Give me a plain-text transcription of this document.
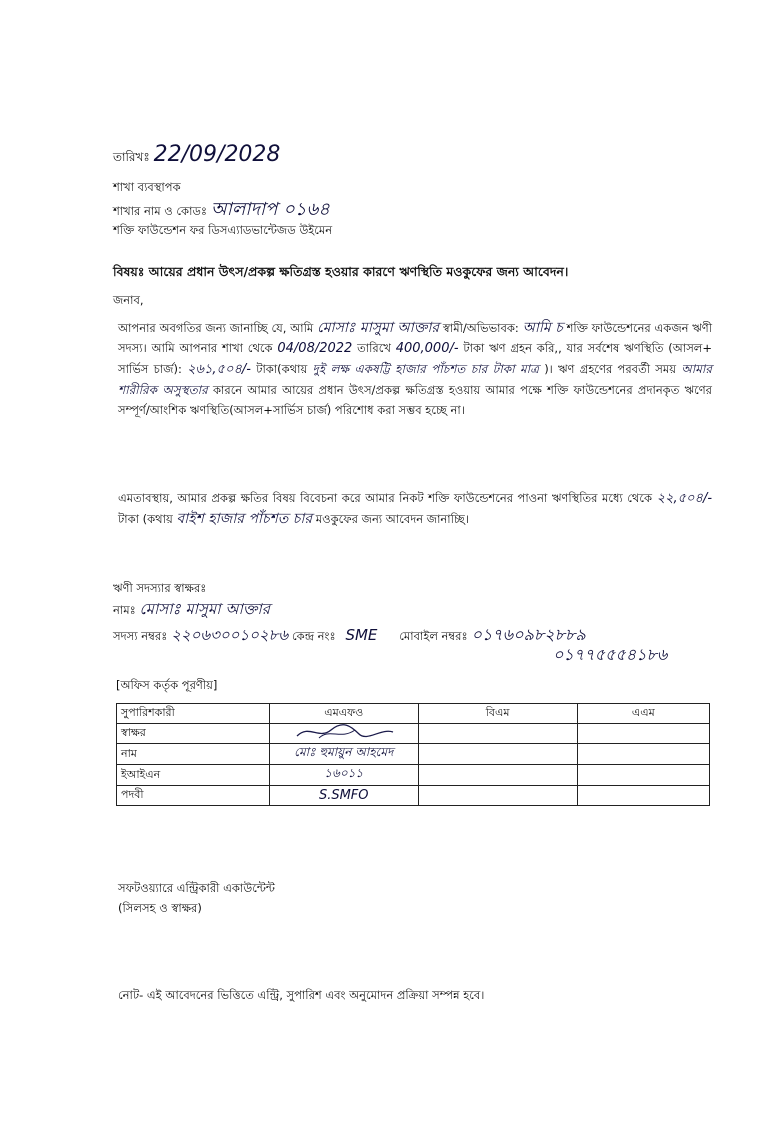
তারিখঃ 22/09/2028
শাখা ব্যবস্থাপক
শাখার নাম ও কোডঃ আলাদাপ ০১৬৪
শক্তি ফাউন্ডেশন ফর ডিসএ্যাডভান্টেজড উইমেন
বিষয়ঃ আয়ের প্রধান উৎস/প্রকল্প ক্ষতিগ্রস্ত হওয়ার কারণে ঋণস্থিতি মওকুফের জন্য আবেদন।
জনাব,
আপনার অবগতির জন্য জানাচ্ছি যে, আমি মোসাঃ মাসুমা আক্তার স্বামী/অভিভাবক: আমি চ শক্তি ফাউন্ডেশনের একজন ঋণী সদস্য। আমি আপনার শাখা থেকে 04/08/2022 তারিখে 400,000/- টাকা ঋণ গ্রহন করি,, যার সর্বশেষ ঋণস্থিতি (আসল+ সার্ভিস চার্জ): ২৬১,৫০৪/- টাকা(কথায় দুই লক্ষ একষট্টি হাজার পাঁচশত চার টাকা মাত্র )। ঋণ গ্রহণের পরবর্তী সময় আমার শারীরিক অসুস্থতার কারনে আমার আয়ের প্রধান উৎস/প্রকল্প ক্ষতিগ্রস্ত হওয়ায় আমার পক্ষে শক্তি ফাউন্ডেশনের প্রদানকৃত ঋণের সম্পূর্ণ/আংশিক ঋণস্থিতি(আসল+সার্ভিস চার্জ) পরিশোধ করা সম্ভব হচ্ছে না।
এমতাবস্থায়, আমার প্রকল্প ক্ষতির বিষয় বিবেচনা করে আমার নিকট শক্তি ফাউন্ডেশনের পাওনা ঋণস্থিতির মধ্যে থেকে ২২,৫০৪/- টাকা (কথায় বাইশ হাজার পাঁচশত চার মওকুফের জন্য আবেদন জানাচ্ছি।
ঋণী সদস্যার স্বাক্ষরঃ
নামঃ মোসাঃ মাসুমা আক্তার
সদস্য নম্বরঃ ২২০৬৩০০১০২৮৬ কেন্দ্র নংঃ SME মোবাইল নম্বরঃ ০১৭৬০৯৮২৮৮৯
০১৭৭৫৫৫৪১৮৬
[অফিস কর্তৃক পূরণীয়]
সুপারিশকারী	এমএফও	বিএম	এএম
স্বাক্ষর			
নাম	মোঃ হুমায়ুন আহমেদ		
ইআইএন	১৬০১১		
পদবী	S.SMFO		
সফটওয়্যারে এন্ট্রিকারী একাউন্টেন্ট
(সিলসহ ও স্বাক্ষর)
নোট- এই আবেদনের ভিত্তিতে এন্ট্রি, সুপারিশ এবং অনুমোদন প্রক্রিয়া সম্পন্ন হবে।
